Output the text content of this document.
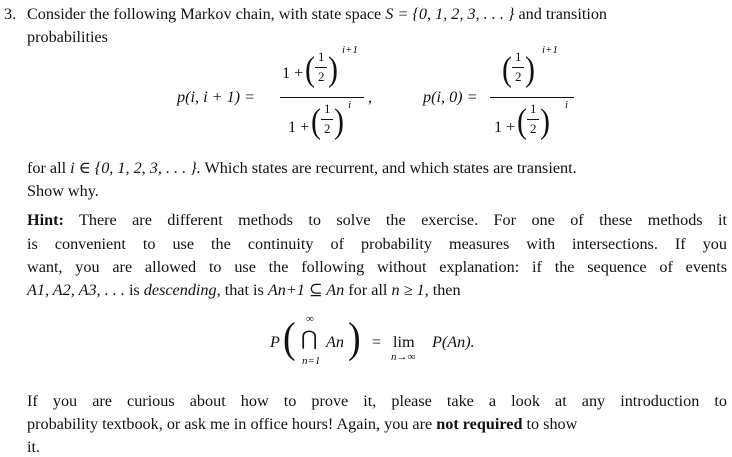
3. Consider the following Markov chain, with state space S = {0, 1, 2, 3, . . . } and transition
probabilities
p(i, i + 1) =
1 + ( 1
2 )
i+1
1 + ( 1
2 ) i ,	p(i, 0) =
( 1
2 )
i+1
1 + ( 1
2 ) i
for all i ∈ {0, 1, 2, 3, . . . }. Which states are recurrent, and which states are transient.
Show why.
Hint: There are different methods to solve the exercise. For one of these methods it
is convenient to use the continuity of probability measures with intersections. If you
want, you are allowed to use the following without explanation: if the sequence of events
A1, A2, A3, . . . is descending, that is An+1 ⊆ An for all n ≥ 1, then
P ( ∞
⋂
n=1
An ) = lim
n→∞
P(An).
If you are curious about how to prove it, please take a look at any introduction to
probability textbook, or ask me in office hours! Again, you are not required to show
it.
